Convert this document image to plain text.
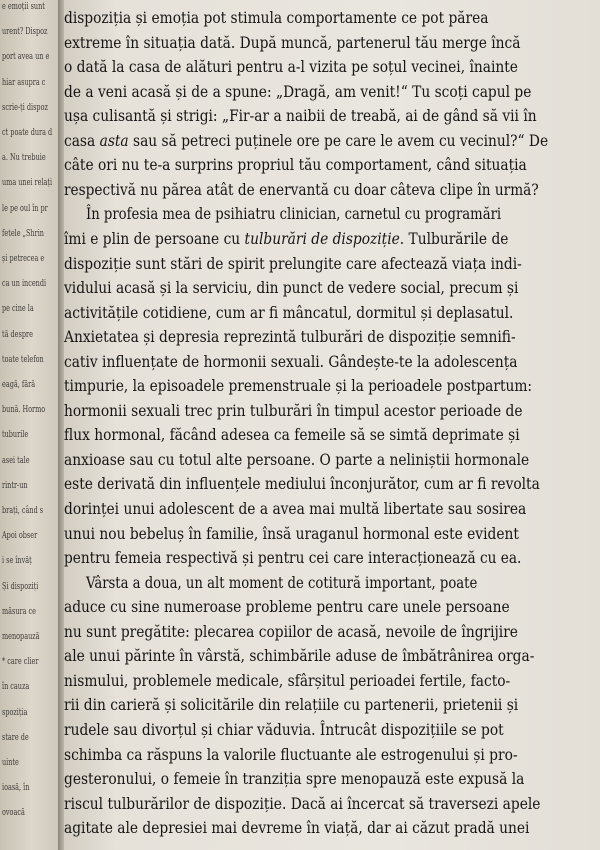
e emoții sunt
urent? Dispoz
port avea un e
hiar asupra c
scrie-ți dispoz
ct poate dura d
a. Nu trebuie
uma unei relați
le pe oul în pr
fetele „Shrin
și petrecea e
ca un incendi
pe cine la
tă despre
toate telefon
eagă, fără
bună. Hormo
tuburile
asei tale
rintr-un
brați, când s
Apoi obser
i se învăț
Și dispoziți
măsura ce
menopauză
* care clier
în cauza
spoziția
stare de
uinte
ioasă, în
ovoacă
dispoziția și emoția pot stimula comportamente ce pot părea
extreme în situația dată. După muncă, partenerul tău merge încă
o dată la casa de alături pentru a-l vizita pe soțul vecinei, înainte
de a veni acasă și de a spune: „Dragă, am venit!“ Tu scoți capul pe
ușa culisantă și strigi: „Fir-ar a naibii de treabă, ai de gând să vii în
casa asta sau să petreci puținele ore pe care le avem cu vecinul?“ De
câte ori nu te-a surprins propriul tău comportament, când situația
respectivă nu părea atât de enervantă cu doar câteva clipe în urmă?
În profesia mea de psihiatru clinician, carnetul cu programări
îmi e plin de persoane cu tulburări de dispoziție. Tulburările de
dispoziție sunt stări de spirit prelungite care afectează viața indi-
vidului acasă și la serviciu, din punct de vedere social, precum și
activitățile cotidiene, cum ar fi mâncatul, dormitul și deplasatul.
Anxietatea și depresia reprezintă tulburări de dispoziție semnifi-
cativ influențate de hormonii sexuali. Gândește-te la adolescența
timpurie, la episoadele premenstruale și la perioadele postpartum:
hormonii sexuali trec prin tulburări în timpul acestor perioade de
flux hormonal, făcând adesea ca femeile să se simtă deprimate și
anxioase sau cu totul alte persoane. O parte a neliniștii hormonale
este derivată din influențele mediului înconjurător, cum ar fi revolta
dorinței unui adolescent de a avea mai multă libertate sau sosirea
unui nou bebeluș în familie, însă uraganul hormonal este evident
pentru femeia respectivă și pentru cei care interacționează cu ea.
Vârsta a doua, un alt moment de cotitură important, poate
aduce cu sine numeroase probleme pentru care unele persoane
nu sunt pregătite: plecarea copiilor de acasă, nevoile de îngrijire
ale unui părinte în vârstă, schimbările aduse de îmbătrânirea orga-
nismului, problemele medicale, sfârșitul perioadei fertile, facto-
rii din carieră și solicitările din relațiile cu partenerii, prietenii și
rudele sau divorțul și chiar văduvia. Întrucât dispozițiile se pot
schimba ca răspuns la valorile fluctuante ale estrogenului și pro-
gesteronului, o femeie în tranziția spre menopauză este expusă la
riscul tulburărilor de dispoziție. Dacă ai încercat să traversezi apele
agitate ale depresiei mai devreme în viață, dar ai căzut pradă unei
